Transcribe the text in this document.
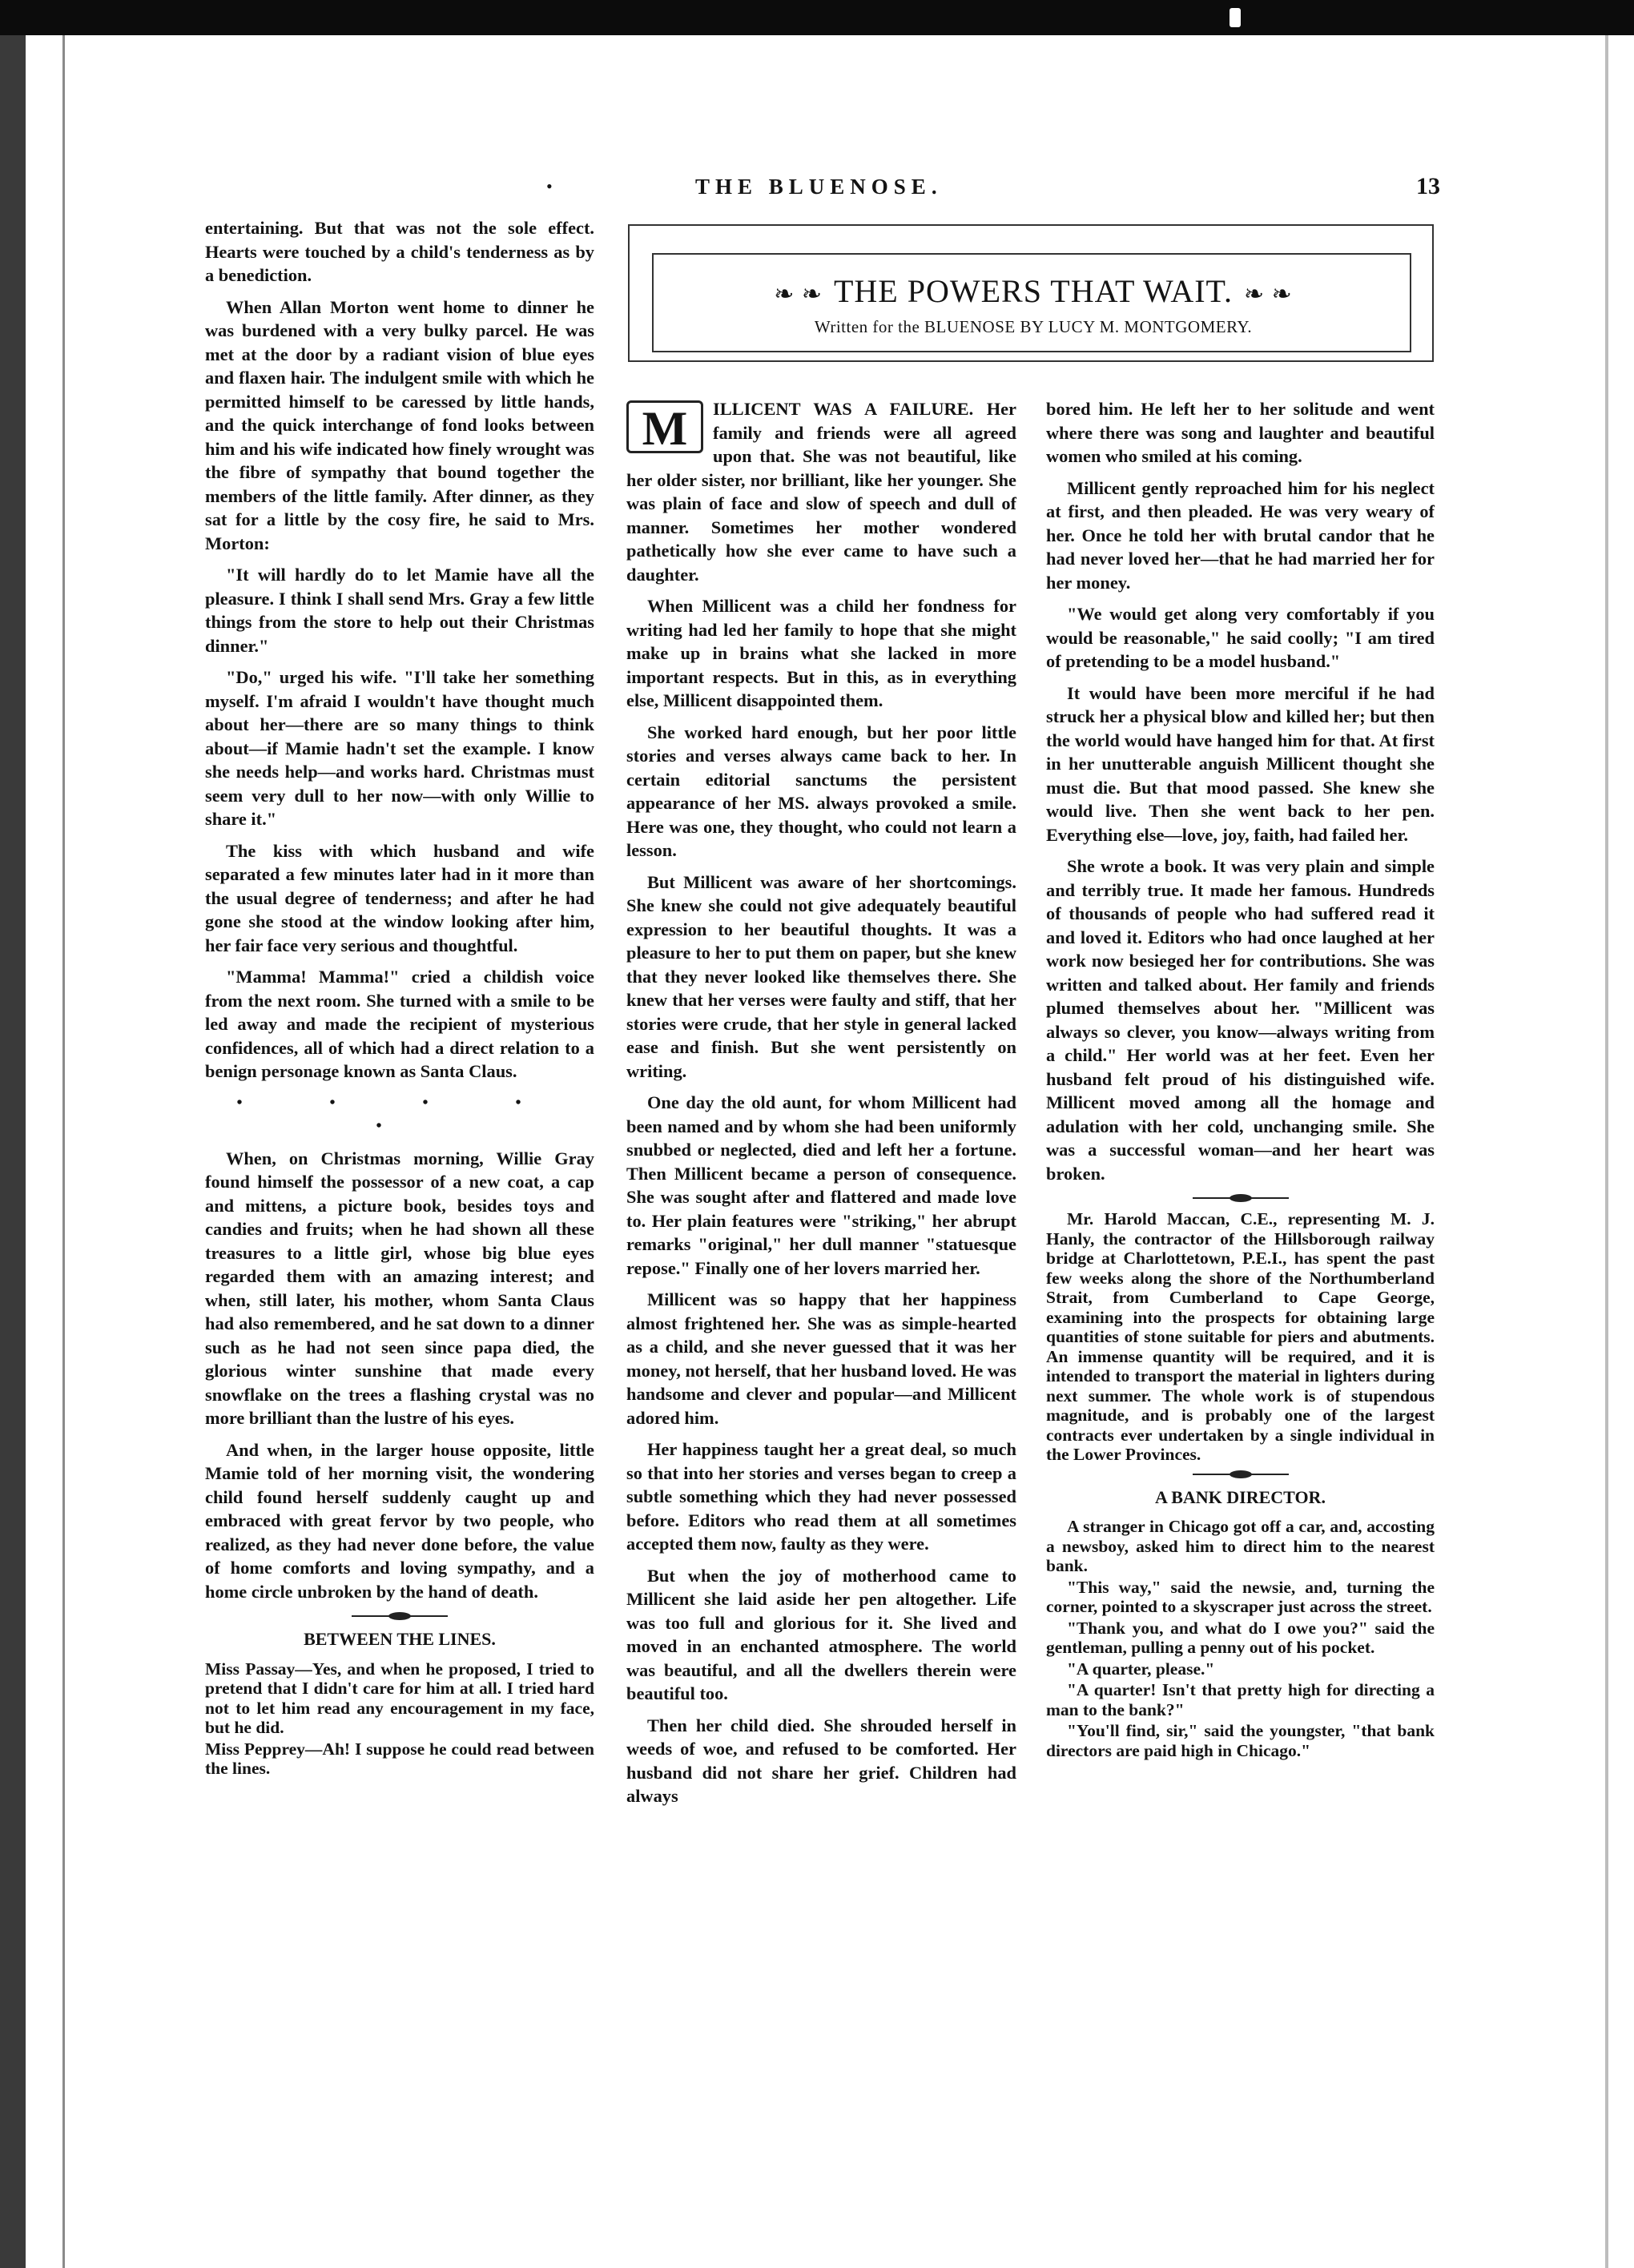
•	THE BLUENOSE.	13

entertaining. But that was not the sole effect. Hearts were touched by a child's tenderness as by a benediction.

When Allan Morton went home to dinner he was burdened with a very bulky parcel. He was met at the door by a radiant vision of blue eyes and flaxen hair. The indulgent smile with which he permitted himself to be caressed by little hands, and the quick interchange of fond looks between him and his wife indicated how finely wrought was the fibre of sympathy that bound together the members of the little family. After dinner, as they sat for a little by the cosy fire, he said to Mrs. Morton:

"It will hardly do to let Mamie have all the pleasure. I think I shall send Mrs. Gray a few little things from the store to help out their Christmas dinner."

"Do," urged his wife. "I'll take her something myself. I'm afraid I wouldn't have thought much about her—there are so many things to think about—if Mamie hadn't set the example. I know she needs help—and works hard. Christmas must seem very dull to her now—with only Willie to share it."

The kiss with which husband and wife separated a few minutes later had in it more than the usual degree of tenderness; and after he had gone she stood at the window looking after him, her fair face very serious and thoughtful.

"Mamma! Mamma!" cried a childish voice from the next room. She turned with a smile to be led away and made the recipient of mysterious confidences, all of which had a direct relation to a benign personage known as Santa Claus.

• • • • •

When, on Christmas morning, Willie Gray found himself the possessor of a new coat, a cap and mittens, a picture book, besides toys and candies and fruits; when he had shown all these treasures to a little girl, whose big blue eyes regarded them with an amazing interest; and when, still later, his mother, whom Santa Claus had also remembered, and he sat down to a dinner such as he had not seen since papa died, the glorious winter sunshine that made every snowflake on the trees a flashing crystal was no more brilliant than the lustre of his eyes.

And when, in the larger house opposite, little Mamie told of her morning visit, the wondering child found herself suddenly caught up and embraced with great fervor by two people, who realized, as they had never done before, the value of home comforts and loving sympathy, and a home circle unbroken by the hand of death.

BETWEEN THE LINES.

Miss Passay—Yes, and when he proposed, I tried to pretend that I didn't care for him at all. I tried hard not to let him read any encouragement in my face, but he did.

Miss Pepprey—Ah! I suppose he could read between the lines.

❧ ❧ THE POWERS THAT WAIT. ❧ ❧
Written for the BLUENOSE BY LUCY M. MONTGOMERY.

M	ILLICENT WAS A FAILURE. Her family and friends were all agreed upon that. She was not beautiful, like her older sister, nor brilliant, like her younger. She was plain of face and slow of speech and dull of manner. Sometimes her mother wondered pathetically how she ever came to have such a daughter.

When Millicent was a child her fondness for writing had led her family to hope that she might make up in brains what she lacked in more important respects. But in this, as in everything else, Millicent disappointed them.

She worked hard enough, but her poor little stories and verses always came back to her. In certain editorial sanctums the persistent appearance of her MS. always provoked a smile. Here was one, they thought, who could not learn a lesson.

But Millicent was aware of her shortcomings. She knew she could not give adequately beautiful expression to her beautiful thoughts. It was a pleasure to her to put them on paper, but she knew that they never looked like themselves there. She knew that her verses were faulty and stiff, that her stories were crude, that her style in general lacked ease and finish. But she went persistently on writing.

One day the old aunt, for whom Millicent had been named and by whom she had been uniformly snubbed or neglected, died and left her a fortune. Then Millicent became a person of consequence. She was sought after and flattered and made love to. Her plain features were "striking," her abrupt remarks "original," her dull manner "statuesque repose." Finally one of her lovers married her.

Millicent was so happy that her happiness almost frightened her. She was as simple-hearted as a child, and she never guessed that it was her money, not herself, that her husband loved. He was handsome and clever and popular—and Millicent adored him.

Her happiness taught her a great deal, so much so that into her stories and verses began to creep a subtle something which they had never possessed before. Editors who read them at all sometimes accepted them now, faulty as they were.

But when the joy of motherhood came to Millicent she laid aside her pen altogether. Life was too full and glorious for it. She lived and moved in an enchanted atmosphere. The world was beautiful, and all the dwellers therein were beautiful too.

Then her child died. She shrouded herself in weeds of woe, and refused to be comforted. Her husband did not share her grief. Children had always

bored him. He left her to her solitude and went where there was song and laughter and beautiful women who smiled at his coming.

Millicent gently reproached him for his neglect at first, and then pleaded. He was very weary of her. Once he told her with brutal candor that he had never loved her—that he had married her for her money.

"We would get along very comfortably if you would be reasonable," he said coolly; "I am tired of pretending to be a model husband."

It would have been more merciful if he had struck her a physical blow and killed her; but then the world would have hanged him for that. At first in her unutterable anguish Millicent thought she must die. But that mood passed. She knew she would live. Then she went back to her pen. Everything else—love, joy, faith, had failed her.

She wrote a book. It was very plain and simple and terribly true. It made her famous. Hundreds of thousands of people who had suffered read it and loved it. Editors who had once laughed at her work now besieged her for contributions. She was written and talked about. Her family and friends plumed themselves about her. "Millicent was always so clever, you know—always writing from a child." Her world was at her feet. Even her husband felt proud of his distinguished wife. Millicent moved among all the homage and adulation with her cold, unchanging smile. She was a successful woman—and her heart was broken.

Mr. Harold Maccan, C.E., representing M. J. Hanly, the contractor of the Hillsborough railway bridge at Charlottetown, P.E.I., has spent the past few weeks along the shore of the Northumberland Strait, from Cumberland to Cape George, examining into the prospects for obtaining large quantities of stone suitable for piers and abutments. An immense quantity will be required, and it is intended to transport the material in lighters during next summer. The whole work is of stupendous magnitude, and is probably one of the largest contracts ever undertaken by a single individual in the Lower Provinces.

A BANK DIRECTOR.

A stranger in Chicago got off a car, and, accosting a newsboy, asked him to direct him to the nearest bank.

"This way," said the newsie, and, turning the corner, pointed to a skyscraper just across the street.

"Thank you, and what do I owe you?" said the gentleman, pulling a penny out of his pocket.

"A quarter, please."

"A quarter! Isn't that pretty high for directing a man to the bank?"

"You'll find, sir," said the youngster, "that bank directors are paid high in Chicago."
